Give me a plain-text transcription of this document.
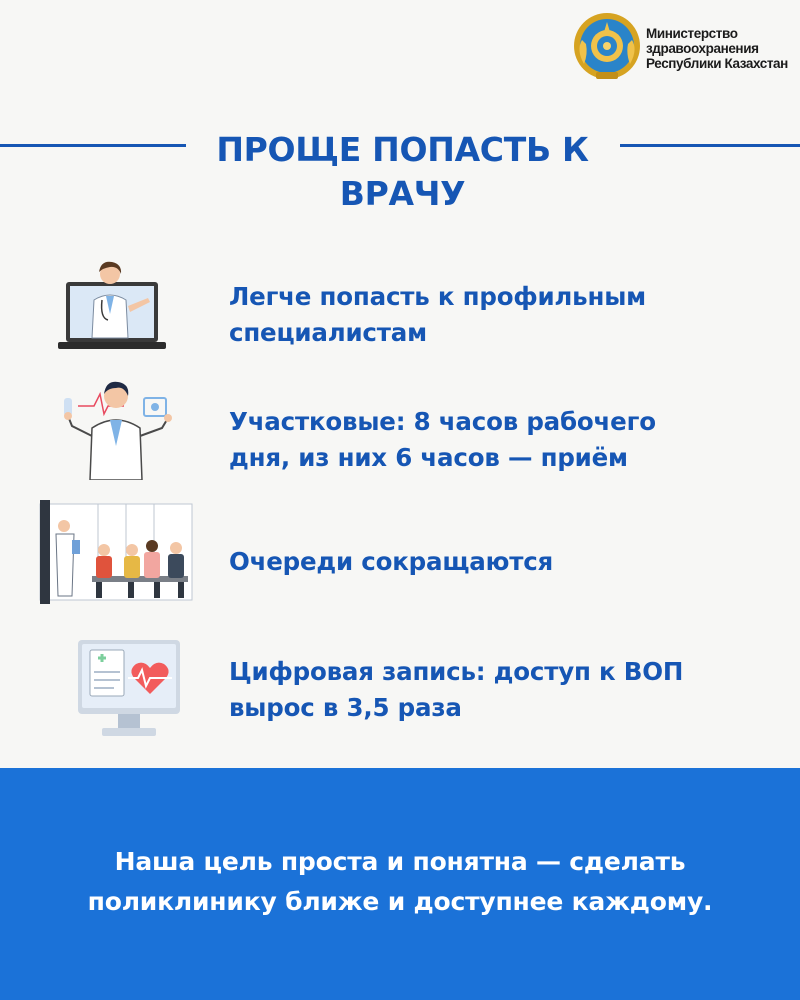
Министерство
здравоохранения
Республики Казахстан
ПРОЩЕ ПОПАСТЬ К
ВРАЧУ
Легче попасть к профильным
специалистам
Участковые: 8 часов рабочего
дня, из них 6 часов — приём
Очереди сокращаются
Цифровая запись: доступ к ВОП
вырос в 3,5 раза
Наша цель проста и понятна — сделать
поликлинику ближе и доступнее каждому.
